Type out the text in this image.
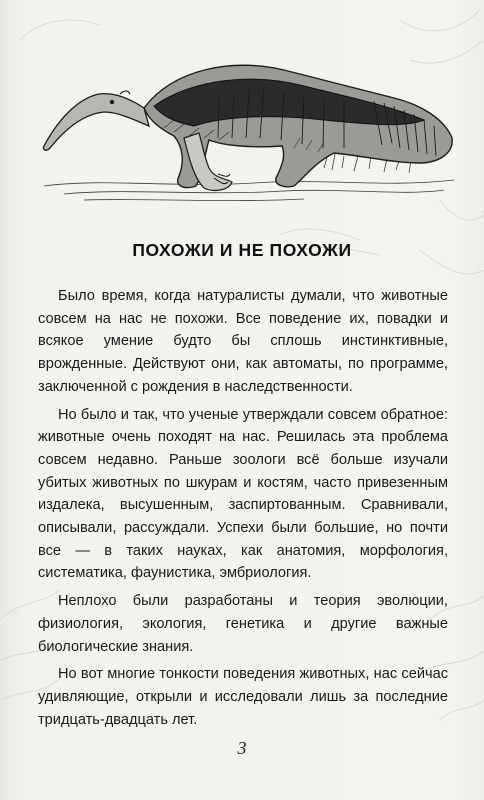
ПОХОЖИ И НЕ ПОХОЖИ

Было время, когда натуралисты думали, что животные совсем на нас не похожи. Все поведение их, повадки и всякое умение будто бы сплошь инстинктивные, врожденные. Действуют они, как автоматы, по программе, заключенной с рождения в наследственности.

Но было и так, что ученые утверждали совсем обратное: животные очень походят на нас. Решилась эта проблема совсем недавно. Раньше зоологи всё больше изучали убитых животных по шкурам и костям, часто привезенным издалека, высушенным, заспиртованным. Сравнивали, описывали, рассуждали. Успехи были большие, но почти все — в таких науках, как анатомия, морфология, систематика, фаунистика, эмбриология.

Неплохо были разработаны и теория эволюции, физиология, экология, генетика и другие важные биологические знания.

Но вот многие тонкости поведения животных, нас сейчас удивляющие, открыли и исследовали лишь за последние тридцать-двадцать лет.

3
